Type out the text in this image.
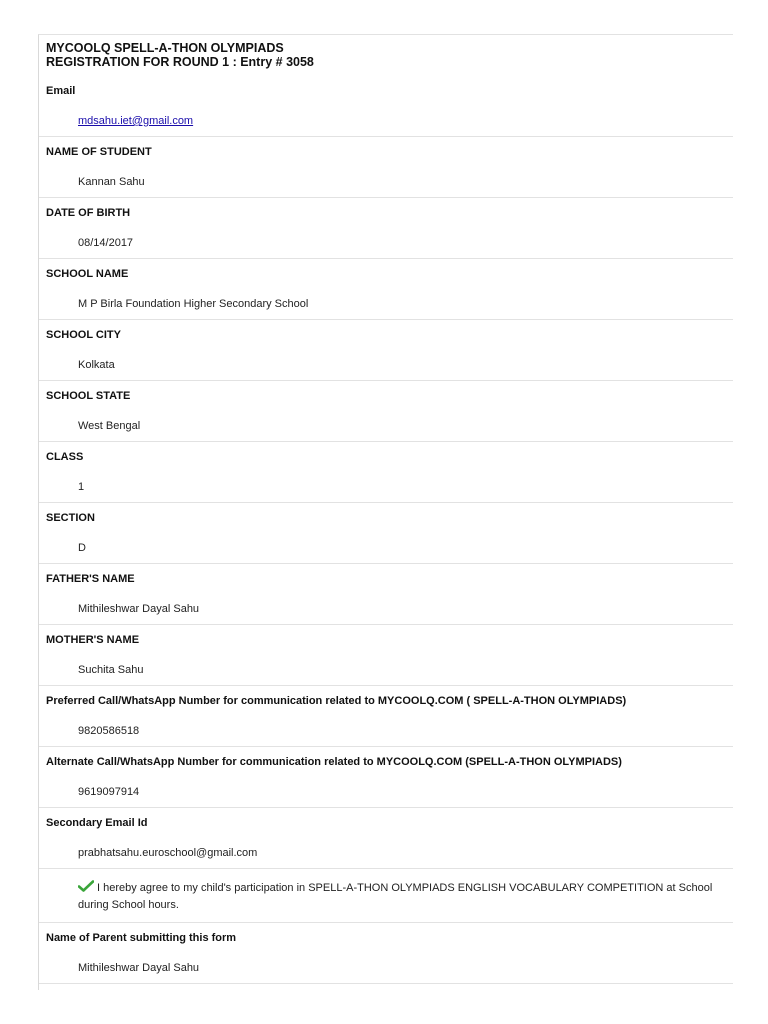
MYCOOLQ SPELL-A-THON OLYMPIADS
REGISTRATION FOR ROUND 1 : Entry # 3058
Email
mdsahu.iet@gmail.com
NAME OF STUDENT
Kannan Sahu
DATE OF BIRTH
08/14/2017
SCHOOL NAME
M P Birla Foundation Higher Secondary School
SCHOOL CITY
Kolkata
SCHOOL STATE
West Bengal
CLASS
1
SECTION
D
FATHER'S NAME
Mithileshwar Dayal Sahu
MOTHER'S NAME
Suchita Sahu
Preferred Call/WhatsApp Number for communication related to MYCOOLQ.COM ( SPELL-A-THON OLYMPIADS)
9820586518
Alternate Call/WhatsApp Number for communication related to MYCOOLQ.COM (SPELL-A-THON OLYMPIADS)
9619097914
Secondary Email Id
prabhatsahu.euroschool@gmail.com
I hereby agree to my child's participation in SPELL-A-THON OLYMPIADS ENGLISH VOCABULARY COMPETITION at School during School hours.
Name of Parent submitting this form
Mithileshwar Dayal Sahu
